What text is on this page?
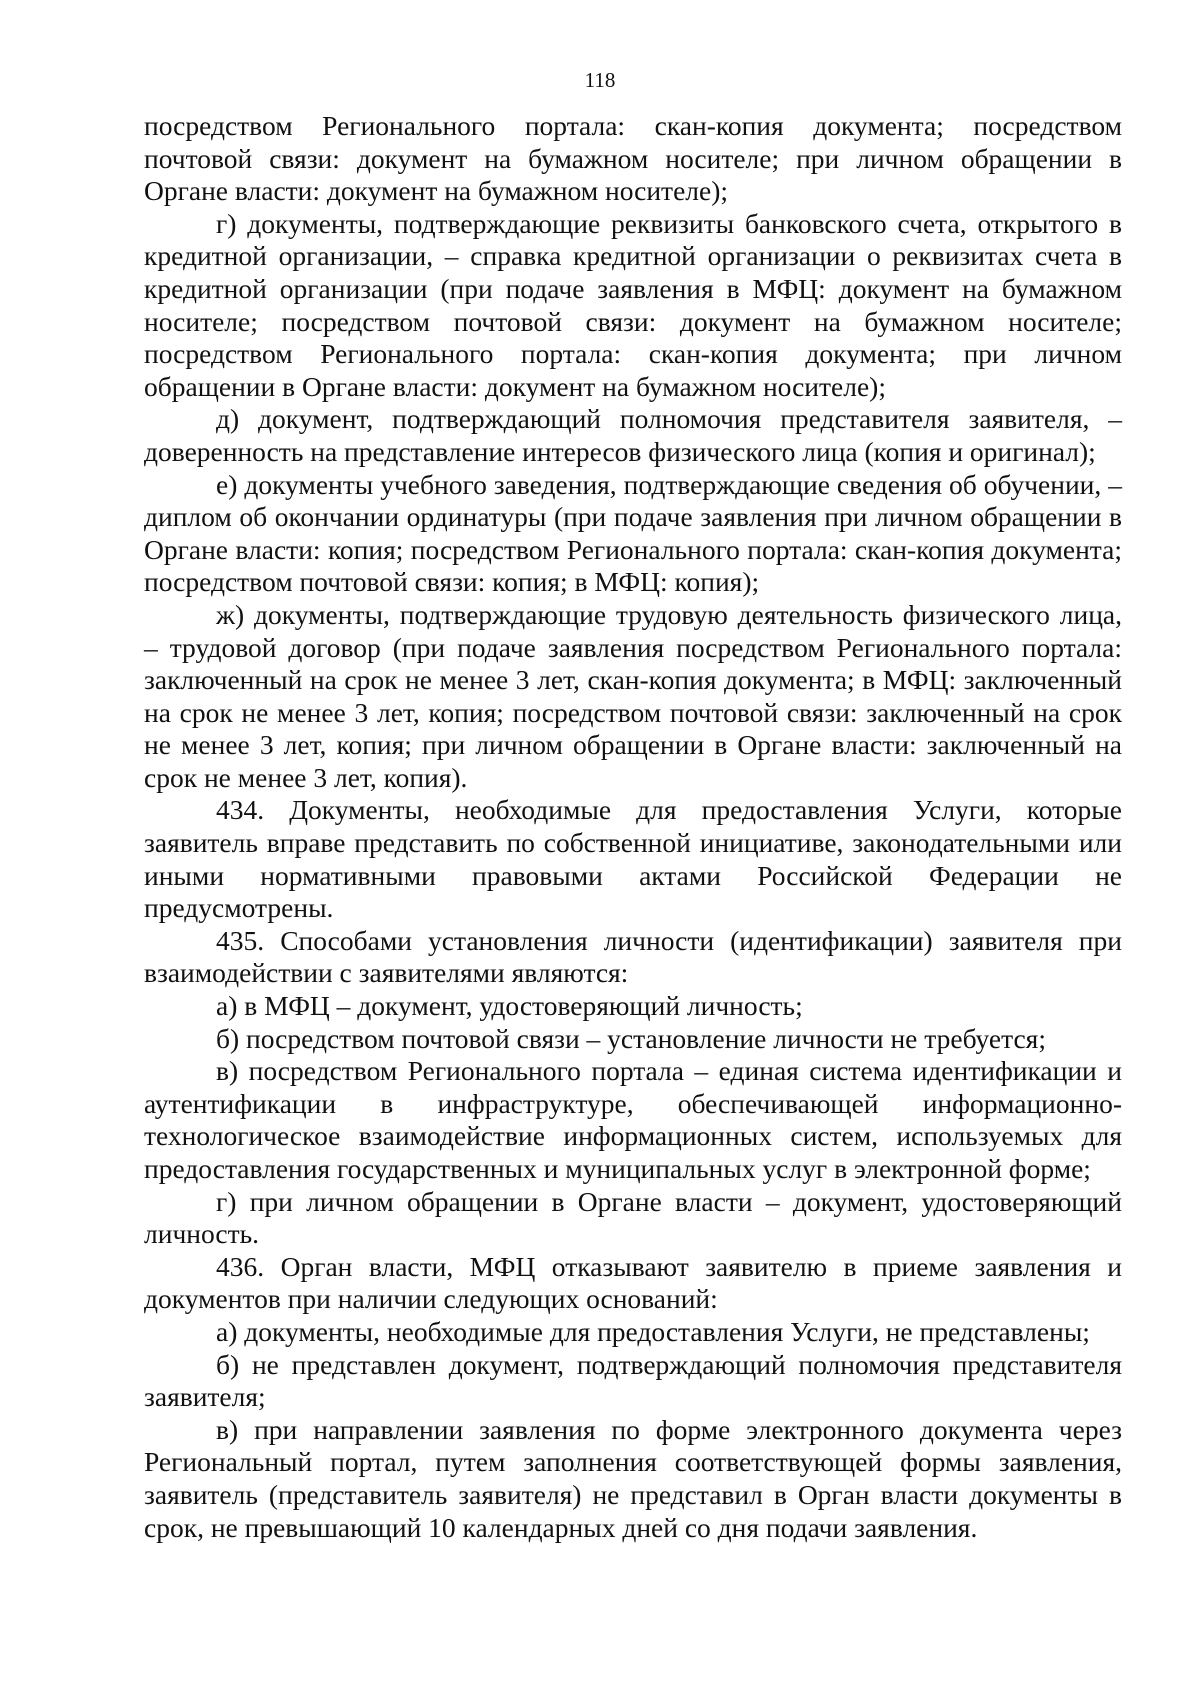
118

посредством Регионального портала: скан-копия документа; посредством почтовой связи: документ на бумажном носителе; при личном обращении в Органе власти: документ на бумажном носителе);

г) документы, подтверждающие реквизиты банковского счета, открытого в кредитной организации, – справка кредитной организации о реквизитах счета в кредитной организации (при подаче заявления в МФЦ: документ на бумажном носителе; посредством почтовой связи: документ на бумажном носителе; посредством Регионального портала: скан-копия документа; при личном обращении в Органе власти: документ на бумажном носителе);

д) документ, подтверждающий полномочия представителя заявителя, – доверенность на представление интересов физического лица (копия и оригинал);

е) документы учебного заведения, подтверждающие сведения об обучении, – диплом об окончании ординатуры (при подаче заявления при личном обращении в Органе власти: копия; посредством Регионального портала: скан-копия документа; посредством почтовой связи: копия; в МФЦ: копия);

ж) документы, подтверждающие трудовую деятельность физического лица, – трудовой договор (при подаче заявления посредством Регионального портала: заключенный на срок не менее 3 лет, скан-копия документа; в МФЦ: заключенный на срок не менее 3 лет, копия; посредством почтовой связи: заключенный на срок не менее 3 лет, копия; при личном обращении в Органе власти: заключенный на срок не менее 3 лет, копия).

434. Документы, необходимые для предоставления Услуги, которые заявитель вправе представить по собственной инициативе, законодательными или иными нормативными правовыми актами Российской Федерации не предусмотрены.

435. Способами установления личности (идентификации) заявителя при взаимодействии с заявителями являются:

а) в МФЦ – документ, удостоверяющий личность;

б) посредством почтовой связи – установление личности не требуется;

в) посредством Регионального портала – единая система идентификации и аутентификации в инфраструктуре, обеспечивающей информационно-технологическое взаимодействие информационных систем, используемых для предоставления государственных и муниципальных услуг в электронной форме;

г) при личном обращении в Органе власти – документ, удостоверяющий личность.

436. Орган власти, МФЦ отказывают заявителю в приеме заявления и документов при наличии следующих оснований:

а) документы, необходимые для предоставления Услуги, не представлены;

б) не представлен документ, подтверждающий полномочия представителя заявителя;

в) при направлении заявления по форме электронного документа через Региональный портал, путем заполнения соответствующей формы заявления, заявитель (представитель заявителя) не представил в Орган власти документы в срок, не превышающий 10 календарных дней со дня подачи заявления.
